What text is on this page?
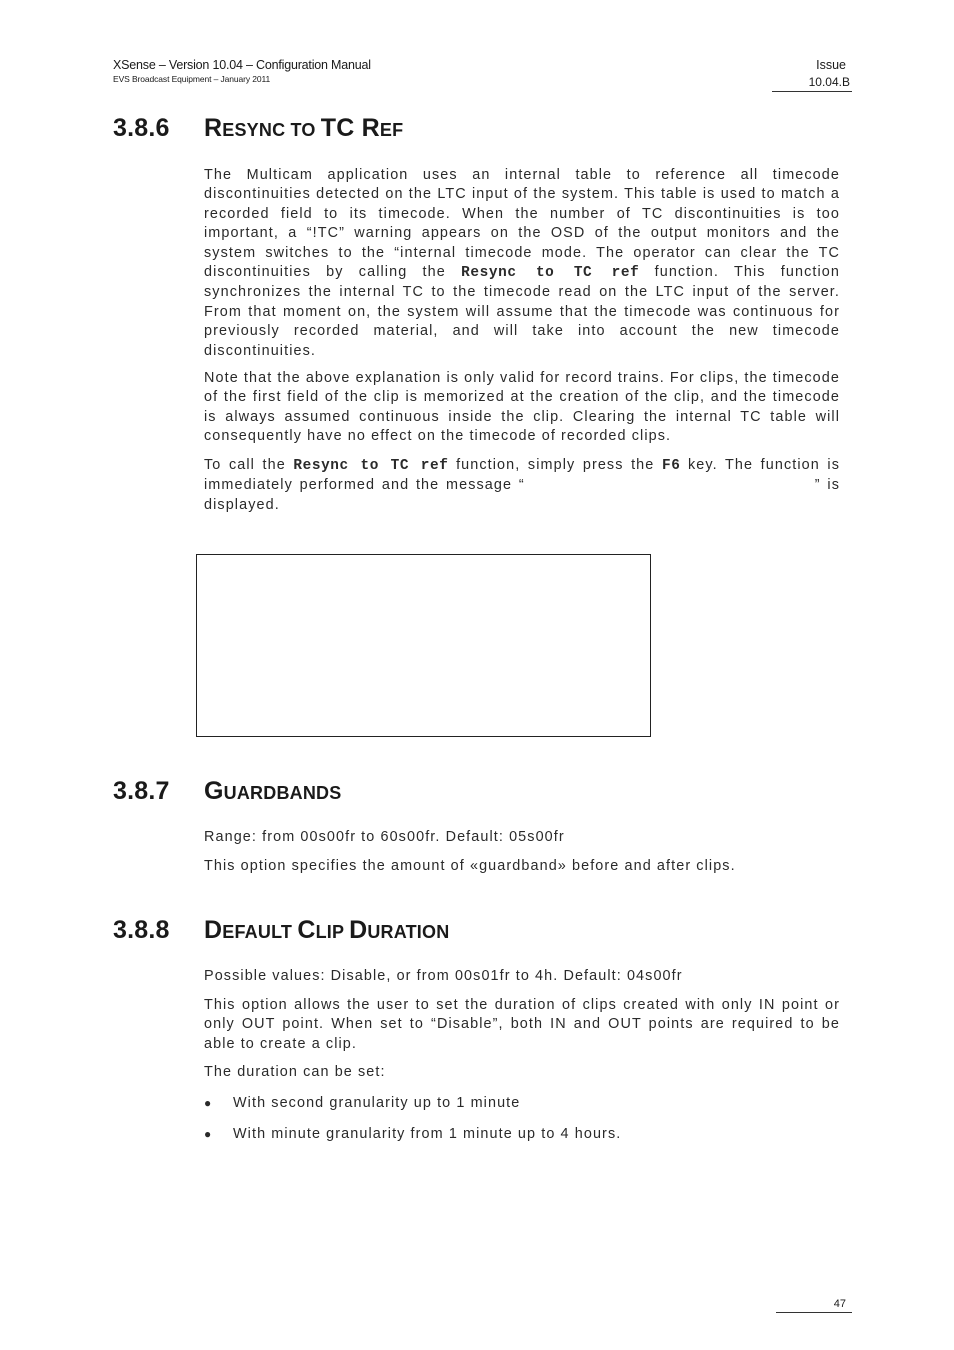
XSense – Version 10.04 – Configuration Manual
EVS Broadcast Equipment – January 2011
Issue
10.04.B
3.8.6 RESYNC TO TC REF
The Multicam application uses an internal table to reference all timecode discontinuities detected on the LTC input of the system. This table is used to match a recorded field to its timecode. When the number of TC discontinuities is too important, a “!TC” warning appears on the OSD of the output monitors and the system switches to the “internal timecode mode. The operator can clear the TC discontinuities by calling the Resync to TC ref function. This function synchronizes the internal TC to the timecode read on the LTC input of the server. From that moment on, the system will assume that the timecode was continuous for previously recorded material, and will take into account the new timecode discontinuities.
Note that the above explanation is only valid for record trains. For clips, the timecode of the first field of the clip is memorized at the creation of the clip, and the timecode is always assumed continuous inside the clip. Clearing the internal TC table will consequently have no effect on the timecode of recorded clips.
To call the Resync to TC ref function, simply press the F6 key. The function is immediately performed and the message “	” is displayed.
3.8.7 GUARDBANDS
Range: from 00s00fr to 60s00fr. Default: 05s00fr
This option specifies the amount of «guardband» before and after clips.
3.8.8 DEFAULT CLIP DURATION
Possible values: Disable, or from 00s01fr to 4h. Default: 04s00fr
This option allows the user to set the duration of clips created with only IN point or only OUT point. When set to “Disable”, both IN and OUT points are required to be able to create a clip.
The duration can be set:
● With second granularity up to 1 minute
● With minute granularity from 1 minute up to 4 hours.
47
